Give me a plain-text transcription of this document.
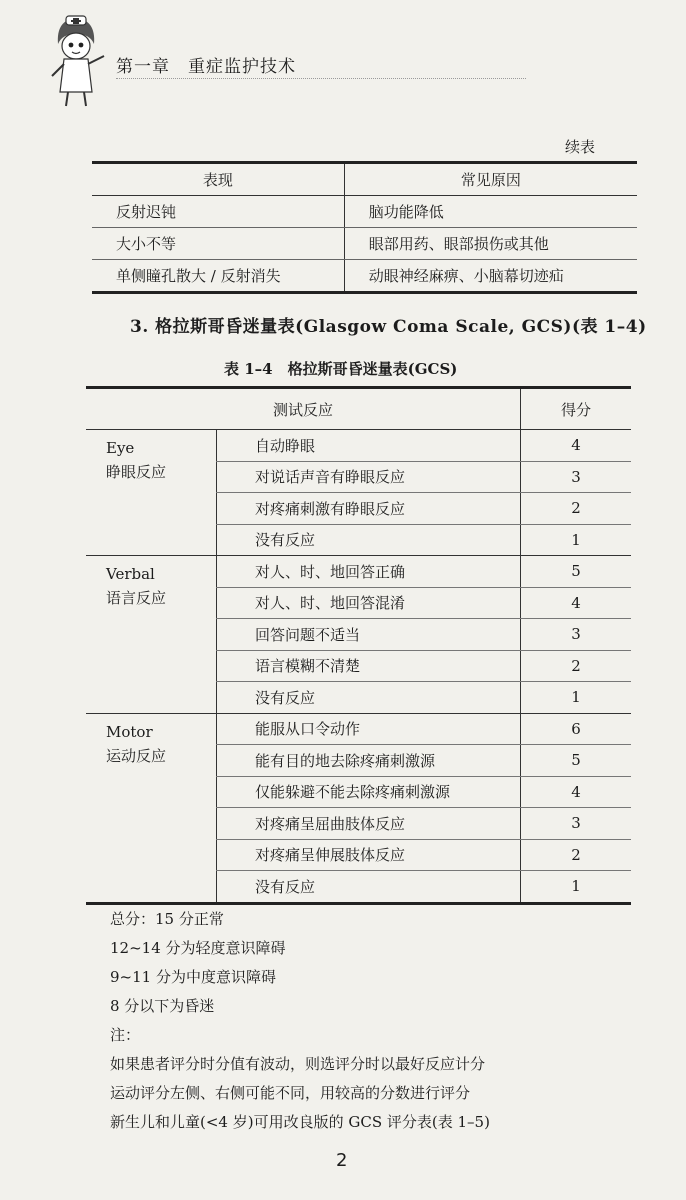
第一章　重症监护技术
续表
表现	常见原因
反射迟钝	脑功能降低
大小不等	眼部用药、眼部损伤或其他
单侧瞳孔散大 / 反射消失	动眼神经麻痹、小脑幕切迹疝
3. 格拉斯哥昏迷量表(Glasgow Coma Scale, GCS)(表 1–4)
表 1–4　格拉斯哥昏迷量表(GCS)
测试反应		得分

Eye
睁眼反应	自动睁眼	4
	对说话声音有睁眼反应	3
	对疼痛刺激有睁眼反应	2
	没有反应	1

Verbal
语言反应	对人、时、地回答正确	5
	对人、时、地回答混淆	4
	回答问题不适当	3
	语言模糊不清楚	2
	没有反应	1

Motor
运动反应	能服从口令动作	6
	能有目的地去除疼痛刺激源	5
	仅能躲避不能去除疼痛刺激源	4
	对疼痛呈屈曲肢体反应	3
	对疼痛呈伸展肢体反应	2
	没有反应	1
总分：15 分正常
12~14 分为轻度意识障碍
9~11 分为中度意识障碍
8 分以下为昏迷
注：
如果患者评分时分值有波动，则选评分时以最好反应计分
运动评分左侧、右侧可能不同，用较高的分数进行评分
新生儿和儿童(<4 岁)可用改良版的 GCS 评分表(表 1–5)
2
